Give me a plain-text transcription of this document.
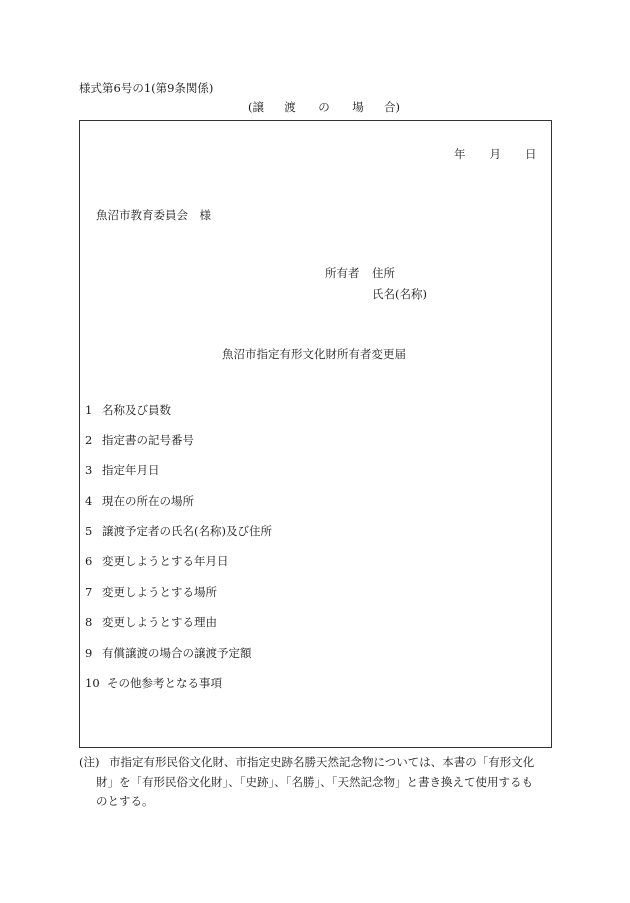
様式第6号の1(第9条関係)
(譲 渡 の 場 合)
年 月 日
魚沼市教育委員会　様
所有者 住所
氏名(名称)
魚沼市指定有形文化財所有者変更届
1 名称及び員数
2 指定書の記号番号
3 指定年月日
4 現在の所在の場所
5 譲渡予定者の氏名(名称)及び住所
6 変更しようとする年月日
7 変更しようとする場所
8 変更しようとする理由
9 有償譲渡の場合の譲渡予定額
10 その他参考となる事項
(注) 市指定有形民俗文化財、市指定史跡名勝天然記念物については、本書の「有形文化
財」を「有形民俗文化財」、「史跡」、「名勝」、「天然記念物」と書き換えて使用するも
のとする。
